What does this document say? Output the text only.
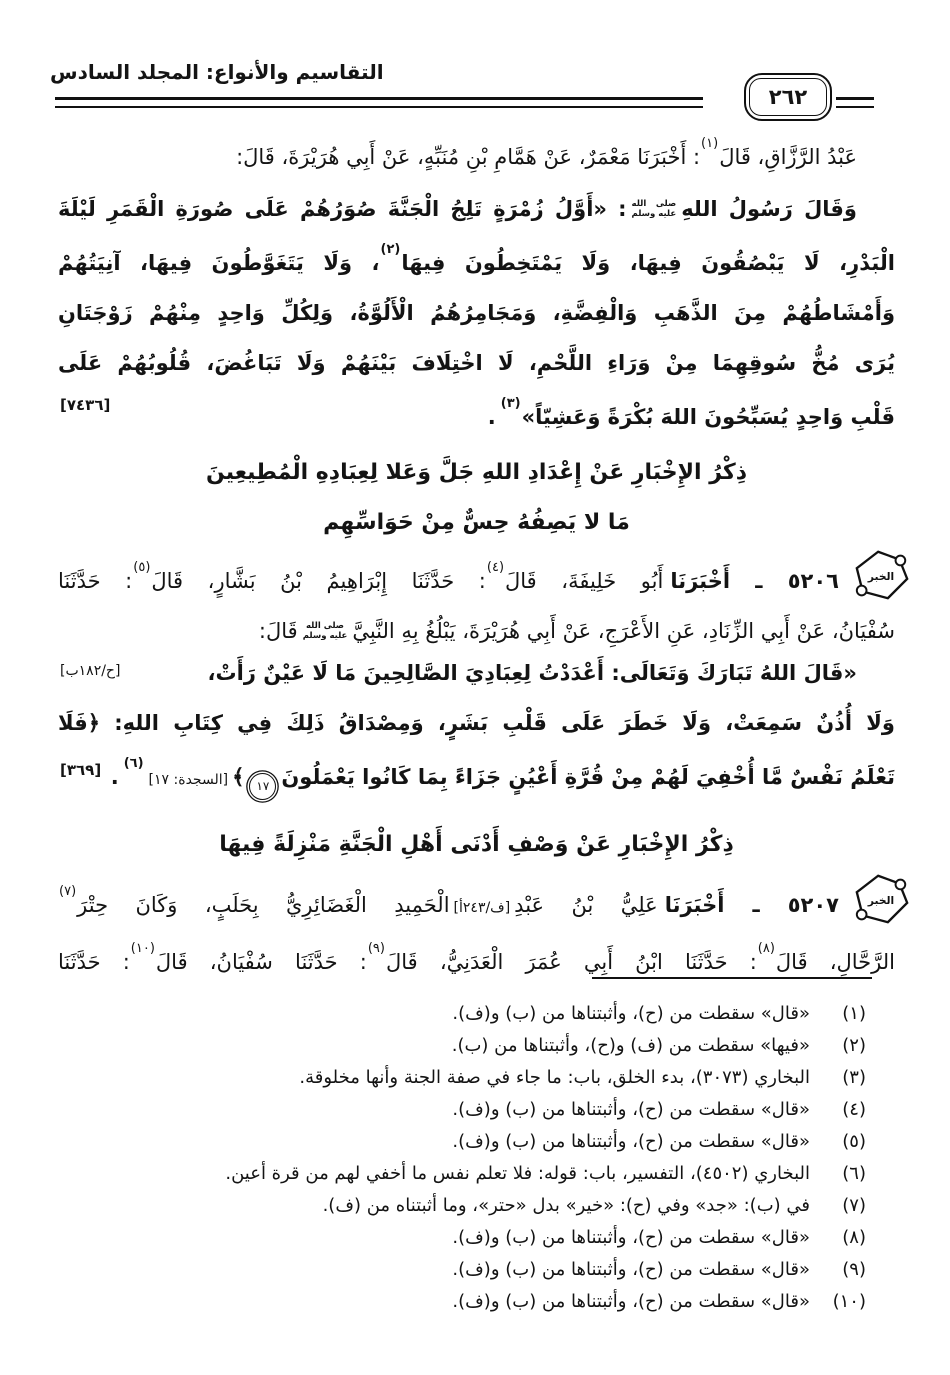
التقاسيم والأنواع: المجلد السادس
٢٦٢
عَبْدُ الرَّزَّاقِ، قَالَ$^{(١)}$: أَخْبَرَنَا مَعْمَرٌ، عَنْ هَمَّامِ بْنِ مُنَبِّهٍ، عَنْ أَبِي هُرَيْرَةَ، قَالَ:
وَقَالَ رَسُولُ اللهِ
صلى الله
عليه وسلم
: «أَوَّلُ زُمْرَةٍ تَلِجُ الْجَنَّةَ صُوَرُهُمْ عَلَى صُورَةِ الْقَمَرِ لَيْلَةَ
الْبَدْرِ، لَا يَبْصُقُونَ فِيهَا، وَلَا يَمْتَخِطُونَ فِيهَا$^{(٢)}$، وَلَا يَتَغَوَّطُونَ فِيهَا، آنِيَتُهُمْ
وَأَمْشَاطُهُمْ مِنَ الذَّهَبِ وَالْفِضَّةِ، وَمَجَامِرُهُمُ الْأَلُوَّةُ، وَلِكُلِّ وَاحِدٍ مِنْهُمْ زَوْجَتَانِ
يُرَى مُخُّ سُوقِهِمَا مِنْ وَرَاءِ اللَّحْمِ، لَا اخْتِلَافَ بَيْنَهُمْ وَلَا تَبَاغُضَ، قُلُوبُهُمْ عَلَى
قَلْبِ وَاحِدٍ يُسَبِّحُونَ اللهَ بُكْرَةً وَعَشِيّاً»$^{(٣)}$.
[٧٤٣٦]
ذِكْرُ الإِخْبَارِ عَنْ إِعْدَادِ اللهِ جَلَّ وَعَلا لِعِبَادِهِ الْمُطِيعِينَ
مَا لا يَصِفُهُ حِسٌّ مِنْ حَوَاسِّهِم
الخبر
٥٢٠٦ ـ أَخْبَرَنَاأَبُو خَلِيفَةَ، قَالَ$^{(٤)}$: حَدَّثَنَا إِبْرَاهِيمُ بْنُ بَشَّارٍ، قَالَ$^{(٥)}$: حَدَّثَنَا
سُفْيَانُ، عَنْ أَبِي الزِّنَادِ، عَنِ الأَعْرَجِ، عَنْ أَبِي هُرَيْرَةَ، يَبْلُغُ بِهِ النَّبِيَّ
صلى الله
عليه وسلم
قَالَ:
«قَالَ اللهُ تَبَارَكَ وَتَعَالَى: أَعْدَدْتُ لِعِبَادِيَ الصَّالِحِينَ مَا لَا عَيْنٌ رَأَتْ،
[ح/١٨٢ب]
وَلَا أُذُنٌ سَمِعَتْ، وَلَا خَطَرَ عَلَى قَلْبِ بَشَرٍ، وَمِصْدَاقُ ذَلِكَ فِي كِتَابِ اللهِ: ﴿فَلَا
تَعْلَمُ نَفْسٌ مَّا أُخْفِيَ لَهُمْ مِنْ قُرَّةِ أَعْيُنٍ جَزَاءً بِمَا كَانُوا يَعْمَلُونَ١٧﴾[السجدة: ١٧]$^{(٦)}$.
[٣٦٩]
ذِكْرُ الإِخْبَارِ عَنْ وَصْفِ أَدْنَى أَهْلِ الْجَنَّةِ مَنْزِلَةً فِيهَا
الخبر
٥٢٠٧ ـ أَخْبَرَنَاعَلِيُّ بْنُ عَبْدِ[ف/٢٤٣أ]الْحَمِيدِ الْغَضَائِرِيُّ بِحَلَبٍ، وَكَانَ حِتْرَ$^{(٧)}$
الرَّحَّالِ، قَالَ$^{(٨)}$: حَدَّثَنَا ابْنُ أَبِي عُمَرَ الْعَدَنِيُّ، قَالَ$^{(٩)}$: حَدَّثَنَا سُفْيَانُ، قَالَ$^{(١٠)}$: حَدَّثَنَا
(١)
«قال» سقطت من (ح)، وأثبتناها من (ب) و(ف).
(٢)
«فيها» سقطت من (ف) و(ح)، وأثبتناها من (ب).
(٣)
البخاري (٣٠٧٣)، بدء الخلق، باب: ما جاء في صفة الجنة وأنها مخلوقة.
(٤)
«قال» سقطت من (ح)، وأثبتناها من (ب) و(ف).
(٥)
«قال» سقطت من (ح)، وأثبتناها من (ب) و(ف).
(٦)
البخاري (٤٥٠٢)، التفسير، باب: قوله: فلا تعلم نفس ما أخفي لهم من قرة أعين.
(٧)
في (ب): «جد» وفي (ح): «خير» بدل «حتر»، وما أثبتناه من (ف).
(٨)
«قال» سقطت من (ح)، وأثبتناها من (ب) و(ف).
(٩)
«قال» سقطت من (ح)، وأثبتناها من (ب) و(ف).
(١٠)
«قال» سقطت من (ح)، وأثبتناها من (ب) و(ف).
